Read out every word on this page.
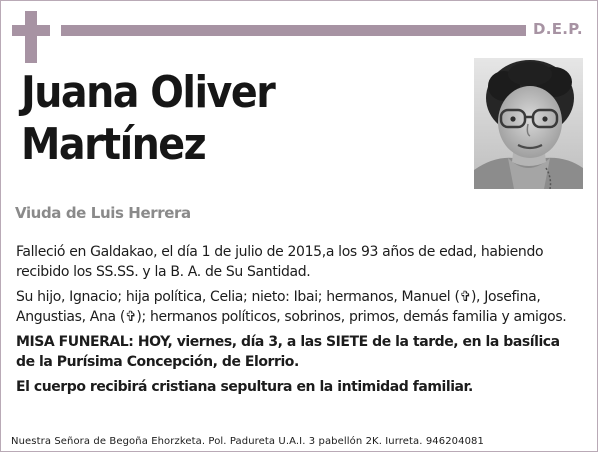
D.E.P.
Juana Oliver
Martínez
Viuda de Luis Herrera

Falleció en Galdakao, el día 1 de julio de 2015,a los 93 años de edad, habiendo recibido los SS.SS. y la B. A. de Su Santidad.

Su hijo, Ignacio; hija política, Celia; nieto: Ibai; hermanos, Manuel (✞), Josefina, Angustias, Ana (✞); hermanos políticos, sobrinos, primos, demás familia y amigos.

MISA FUNERAL: HOY, viernes, día 3, a las SIETE de la tarde, en la basílica de la Purísima Concepción, de Elorrio.

El cuerpo recibirá cristiana sepultura en la intimidad familiar.

Nuestra Señora de Begoña Ehorzketa. Pol. Padureta U.A.I. 3 pabellón 2K. Iurreta. 946204081
